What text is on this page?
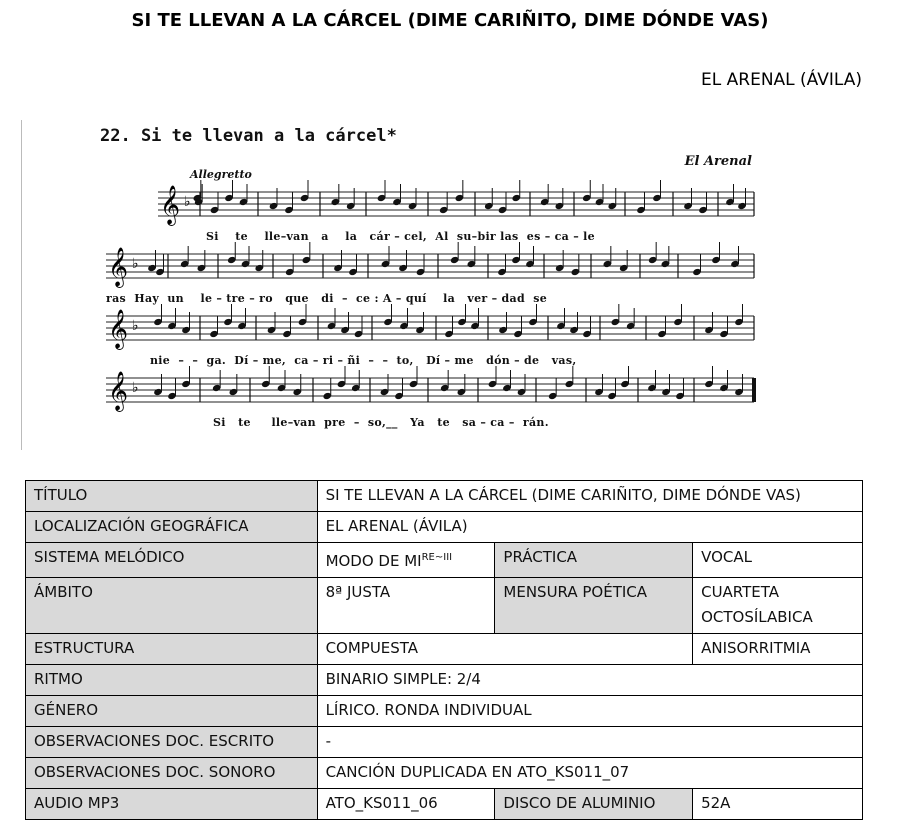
SI TE LLEVAN A LA CÁRCEL (DIME CARIÑITO, DIME DÓNDE VAS)
EL ARENAL (ÁVILA)
𝄞 ♭
𝄞 ♭
𝄞 ♭
𝄞 ♭
22. Si te llevan a la cárcel*
El Arenal
Allegretto
Si    te    lle–van   a    la   cár – cel,  Al  su–bir las  es – ca – le
ras  Hay  un    le – tre – ro   que   di  –  ce : A – quí    la   ver – dad  se
nie  –  –  ga.  Dí – me,  ca – ri – ñi  –  –  to,   Dí – me   dón – de   vas,
Si   te     lle–van  pre  –  so,__   Ya   te   sa – ca –  rán.
TÍTULO	SI TE LLEVAN A LA CÁRCEL (DIME CARIÑITO, DIME DÓNDE VAS)		
LOCALIZACIÓN GEOGRÁFICA	EL ARENAL (ÁVILA)		
SISTEMA MELÓDICO	MODO DE $MI^{RE\sim III}$	PRÁCTICA	VOCAL
ÁMBITO	8ª JUSTA	MENSURA POÉTICA	CUARTETA OCTOSÍLABICA
ESTRUCTURA	COMPUESTA		ANISORRITMIA
RITMO	BINARIO SIMPLE: 2/4		
GÉNERO	LÍRICO. RONDA INDIVIDUAL		
OBSERVACIONES DOC. ESCRITO	-		
OBSERVACIONES DOC. SONORO	CANCIÓN DUPLICADA EN ATO_KS011_07		
AUDIO MP3	ATO_KS011_06	DISCO DE ALUMINIO	52A
